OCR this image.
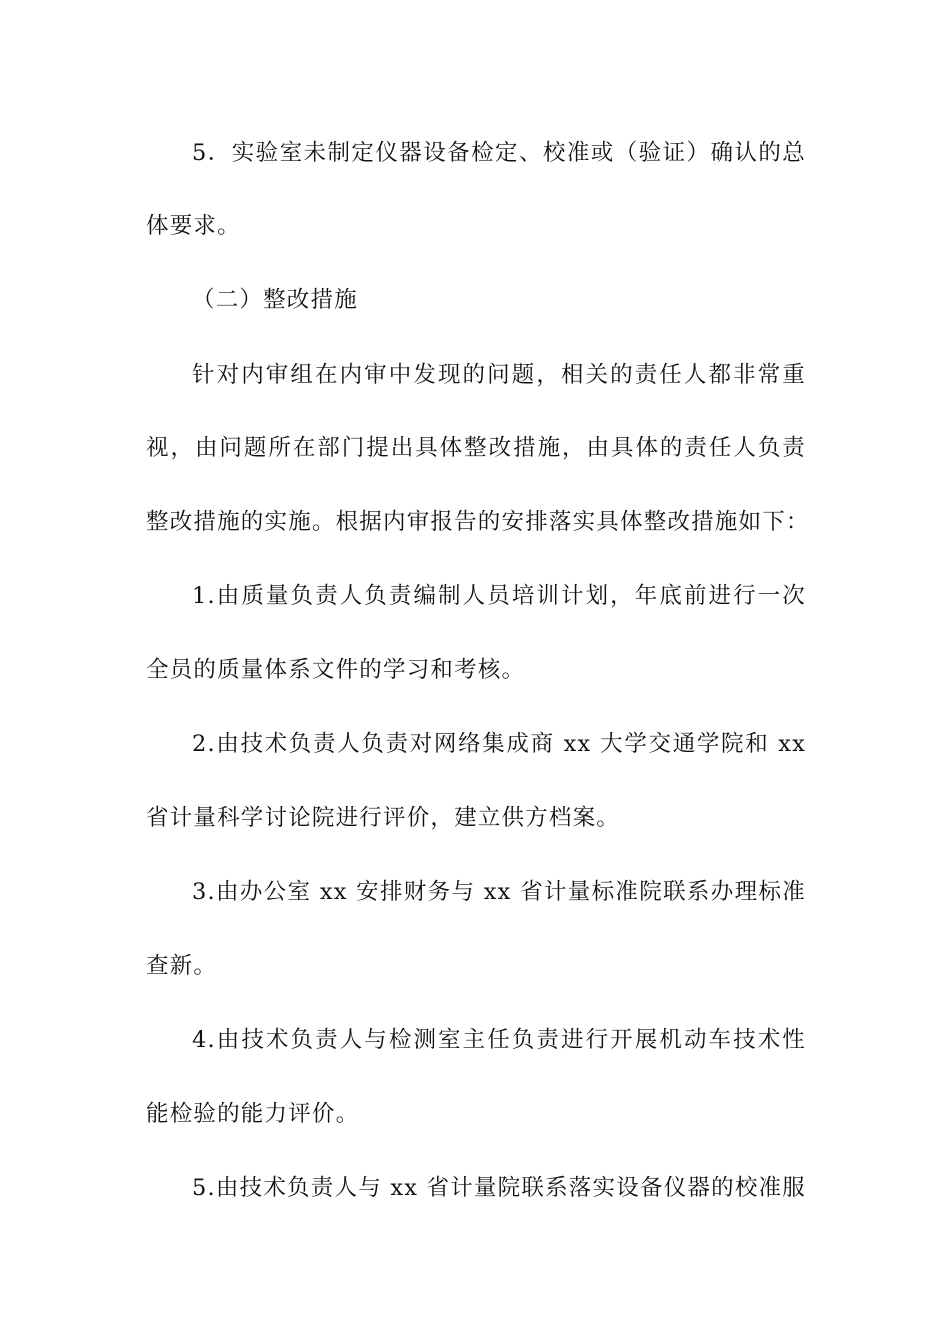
5．实验室未制定仪器设备检定、校准或（验证）确认的总
体要求。
（二）整改措施
针对内审组在内审中发现的问题，相关的责任人都非常重
视，由问题所在部门提出具体整改措施，由具体的责任人负责
整改措施的实施。根据内审报告的安排落实具体整改措施如下：
1.由质量负责人负责编制人员培训计划，年底前进行一次
全员的质量体系文件的学习和考核。
2.由技术负责人负责对网络集成商 xx 大学交通学院和 xx
省计量科学讨论院进行评价，建立供方档案。
3.由办公室 xx 安排财务与 xx 省计量标准院联系办理标准
查新。
4.由技术负责人与检测室主任负责进行开展机动车技术性
能检验的能力评价。
5.由技术负责人与 xx 省计量院联系落实设备仪器的校准服
